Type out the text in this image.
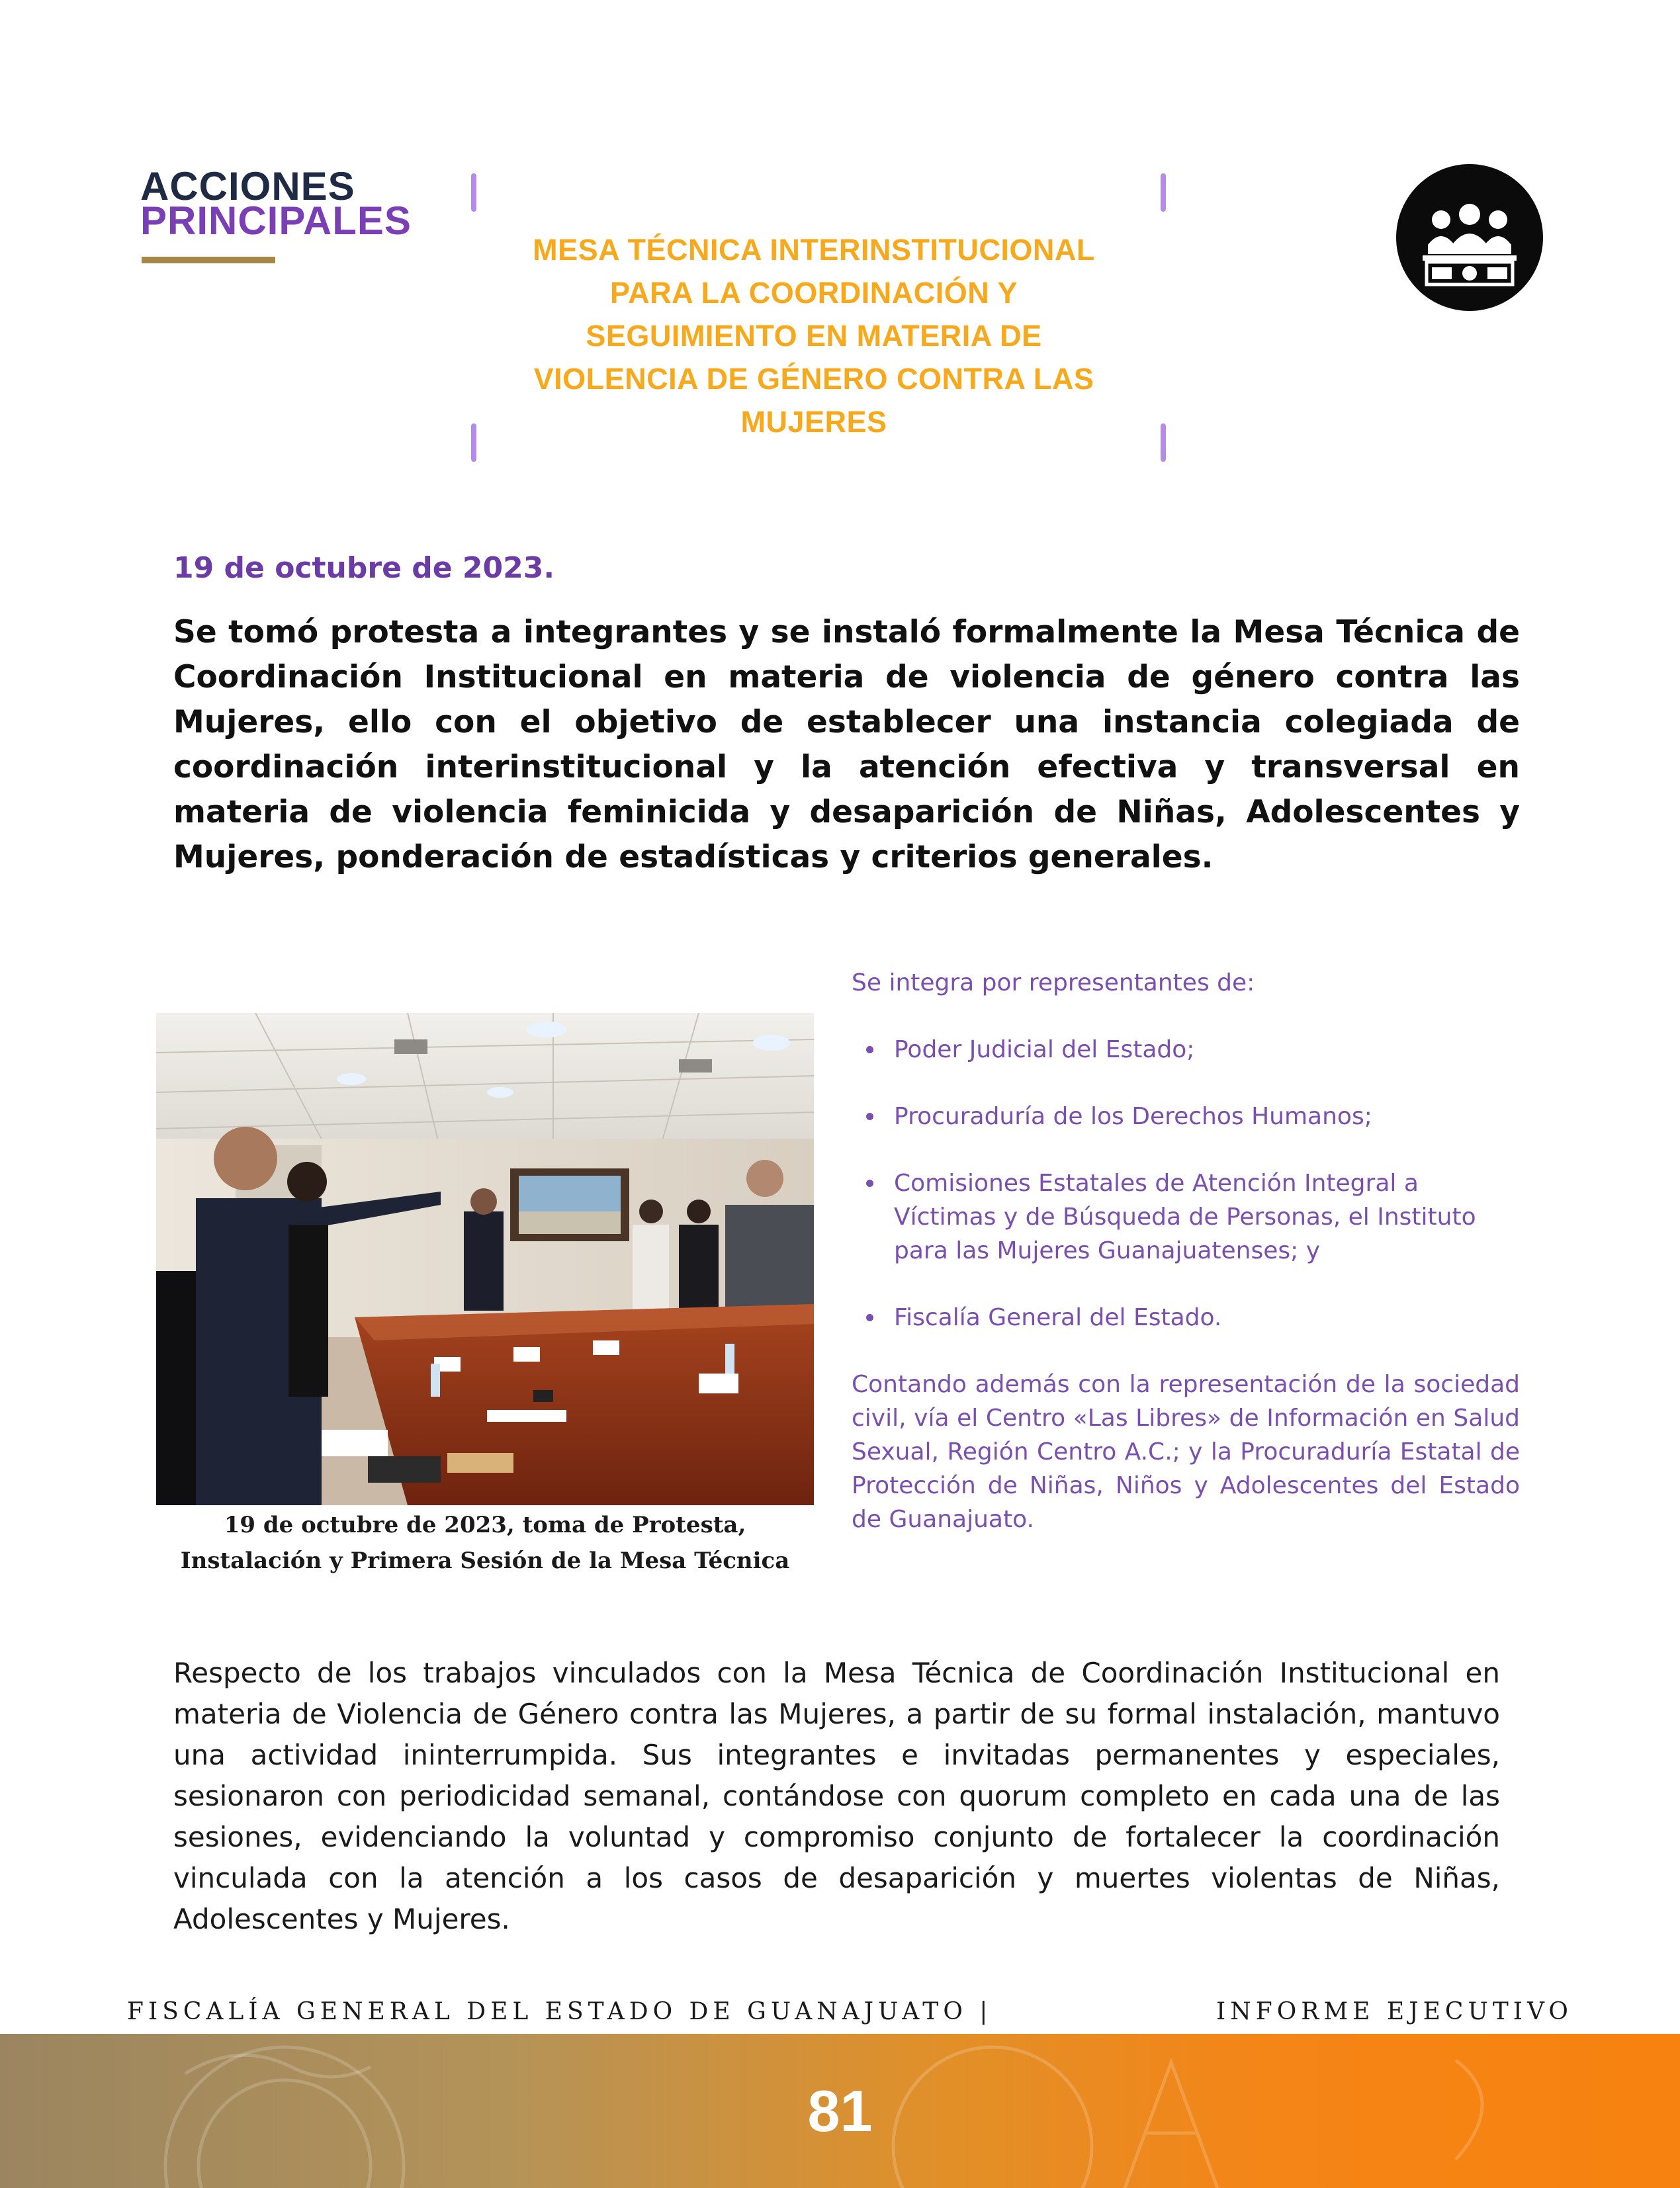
ACCIONES
PRINCIPALES
MESA TÉCNICA INTERINSTITUCIONAL
PARA LA COORDINACIÓN Y
SEGUIMIENTO EN MATERIA DE
VIOLENCIA DE GÉNERO CONTRA LAS
MUJERES
19 de octubre de 2023.
Se tomó protesta a integrantes y se instaló formalmente la Mesa Técnica de Coordinación Institucional en materia de violencia de género contra las Mujeres, ello con el objetivo de establecer una instancia colegiada de coordinación interinstitucional y la atención efectiva y transversal en materia de violencia feminicida y desaparición de Niñas, Adolescentes y Mujeres, ponderación de estadísticas y criterios generales.
19 de octubre de 2023, toma de Protesta,
Instalación y Primera Sesión de la Mesa Técnica

Se integra por representantes de:

Poder Judicial del Estado;
Procuraduría de los Derechos Humanos;
Comisiones Estatales de Atención Integral a Víctimas y de Búsqueda de Personas, el Instituto para las Mujeres Guanajuatenses; y
Fiscalía General del Estado.

Contando además con la representación de la sociedad civil, vía el Centro «Las Libres» de Información en Salud Sexual, Región Centro A.C.; y la Procuraduría Estatal de Protección de Niñas, Niños y Adolescentes del Estado de Guanajuato.

Respecto de los trabajos vinculados con la Mesa Técnica de Coordinación Institucional en materia de Violencia de Género contra las Mujeres, a partir de su formal instalación, mantuvo una actividad ininterrumpida. Sus integrantes e invitadas permanentes y especiales, sesionaron con periodicidad semanal, contándose con quorum completo en cada una de las sesiones, evidenciando la voluntad y compromiso conjunto de fortalecer la coordinación vinculada con la atención a los casos de desaparición y muertes violentas de Niñas, Adolescentes y Mujeres.
FISCALÍA GENERAL DEL ESTADO DE GUANAJUATO |	INFORME EJECUTIVO
81
